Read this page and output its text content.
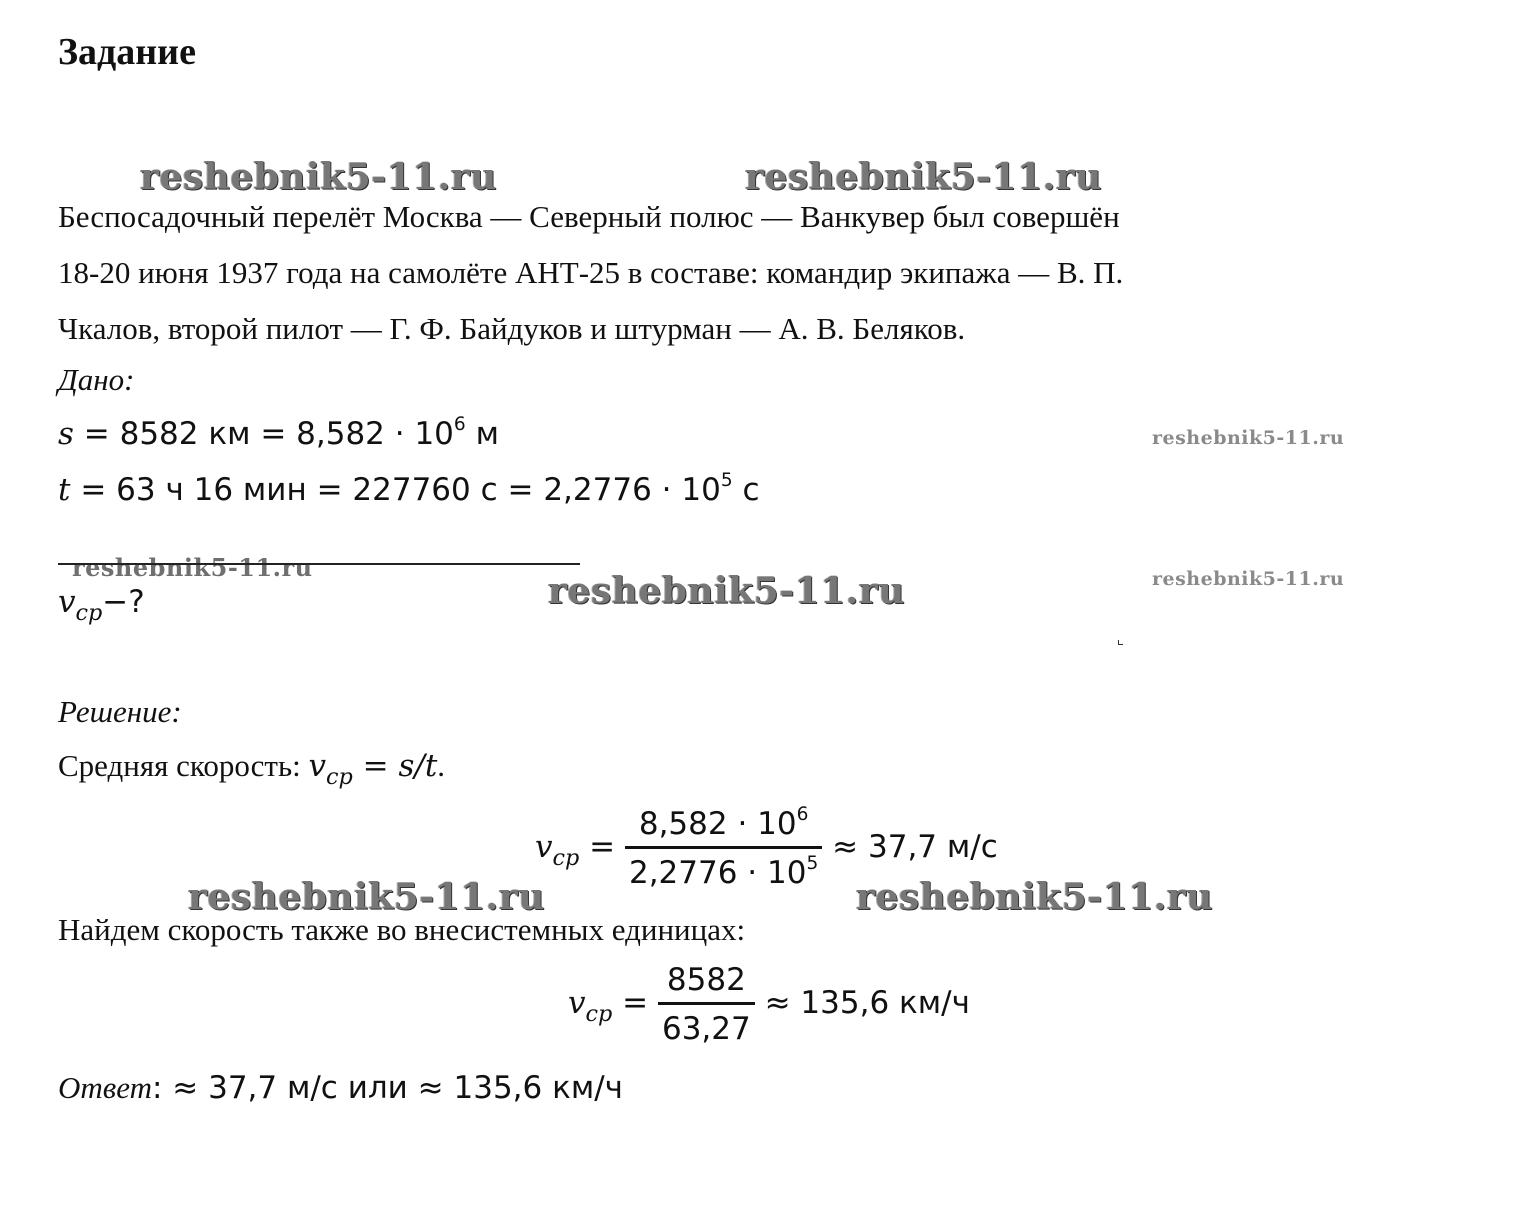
Задание
reshebnik5-11.ru	reshebnik5-11.ru
reshebnik5-11.ru
reshebnik5-11.ru
reshebnik5-11.ru	reshebnik5-11.ru
reshebnik5-11.ru	reshebnik5-11.ru
Беспосадочный перелёт Москва — Северный полюс — Ванкувер был совершён
18-20 июня 1937 года на самолёте АНТ-25 в составе: командир экипажа — В. П.
Чкалов, второй пилот — Г. Ф. Байдуков и штурман — А. В. Беляков.
Дано:
s = 8582 км = $8,582 \cdot 10^6$ м
t = 63 ч 16 мин = 227760 $с = 2,2776 \cdot 10^5$ с
$v_{ср}-$?
Решение:
Средняя скорость: $v_{ср} = s/t$.
$v_{ср} = \frac{8,582 \cdot 10^6}{2,2776 \cdot 10^5} \approx 37,7$ м/с
Найдем скорость также во внесистемных единицах:
$v_{ср} = \frac{8582}{63,27} \approx 135,6$ км/ч
Ответ: ≈ 37,7 м/с или ≈ 135,6 км/ч
